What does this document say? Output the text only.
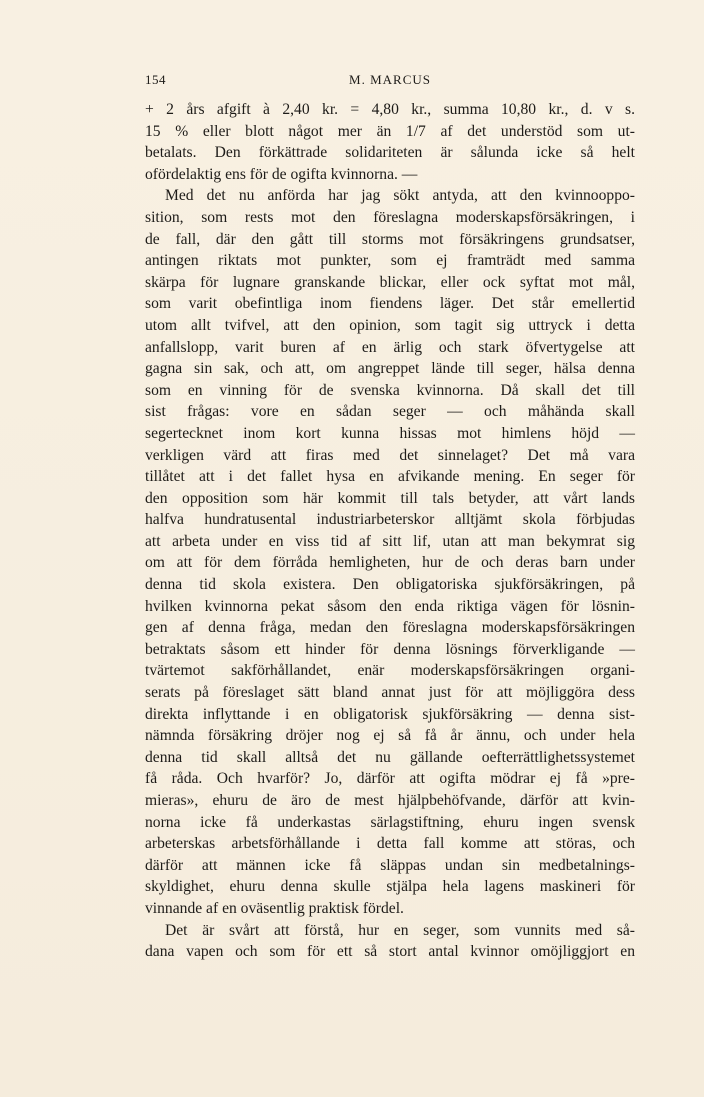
154	M. MARCUS
+ 2 års afgift à 2,40 kr. = 4,80 kr., summa 10,80 kr., d. v s.
15 % eller blott något mer än 1/7 af det understöd som ut-
betalats. Den förkättrade solidariteten är sålunda icke så helt
ofördelaktig ens för de ogifta kvinnorna. —
Med det nu anförda har jag sökt antyda, att den kvinnooppo-
sition, som rests mot den föreslagna moderskapsförsäkringen, i
de fall, där den gått till storms mot försäkringens grundsatser,
antingen riktats mot punkter, som ej framträdt med samma
skärpa för lugnare granskande blickar, eller ock syftat mot mål,
som varit obefintliga inom fiendens läger. Det står emellertid
utom allt tvifvel, att den opinion, som tagit sig uttryck i detta
anfallslopp, varit buren af en ärlig och stark öfvertygelse att
gagna sin sak, och att, om angreppet lände till seger, hälsa denna
som en vinning för de svenska kvinnorna. Då skall det till
sist frågas: vore en sådan seger — och måhända skall
segertecknet inom kort kunna hissas mot himlens höjd —
verkligen värd att firas med det sinnelaget? Det må vara
tillåtet att i det fallet hysa en afvikande mening. En seger för
den opposition som här kommit till tals betyder, att vårt lands
halfva hundratusental industriarbeterskor alltjämt skola förbjudas
att arbeta under en viss tid af sitt lif, utan att man bekymrat sig
om att för dem förråda hemligheten, hur de och deras barn under
denna tid skola existera. Den obligatoriska sjukförsäkringen, på
hvilken kvinnorna pekat såsom den enda riktiga vägen för lösnin-
gen af denna fråga, medan den föreslagna moderskapsförsäkringen
betraktats såsom ett hinder för denna lösnings förverkligande —
tvärtemot sakförhållandet, enär moderskapsförsäkringen organi-
serats på föreslaget sätt bland annat just för att möjliggöra dess
direkta inflyttande i en obligatorisk sjukförsäkring — denna sist-
nämnda försäkring dröjer nog ej så få år ännu, och under hela
denna tid skall alltså det nu gällande oefterrättlighetssystemet
få råda. Och hvarför? Jo, därför att ogifta mödrar ej få »pre-
mieras», ehuru de äro de mest hjälpbehöfvande, därför att kvin-
norna icke få underkastas särlagstiftning, ehuru ingen svensk
arbeterskas arbetsförhållande i detta fall komme att störas, och
därför att männen icke få släppas undan sin medbetalnings-
skyldighet, ehuru denna skulle stjälpa hela lagens maskineri för
vinnande af en oväsentlig praktisk fördel.
Det är svårt att förstå, hur en seger, som vunnits med så-
dana vapen och som för ett så stort antal kvinnor omöjliggjort en
